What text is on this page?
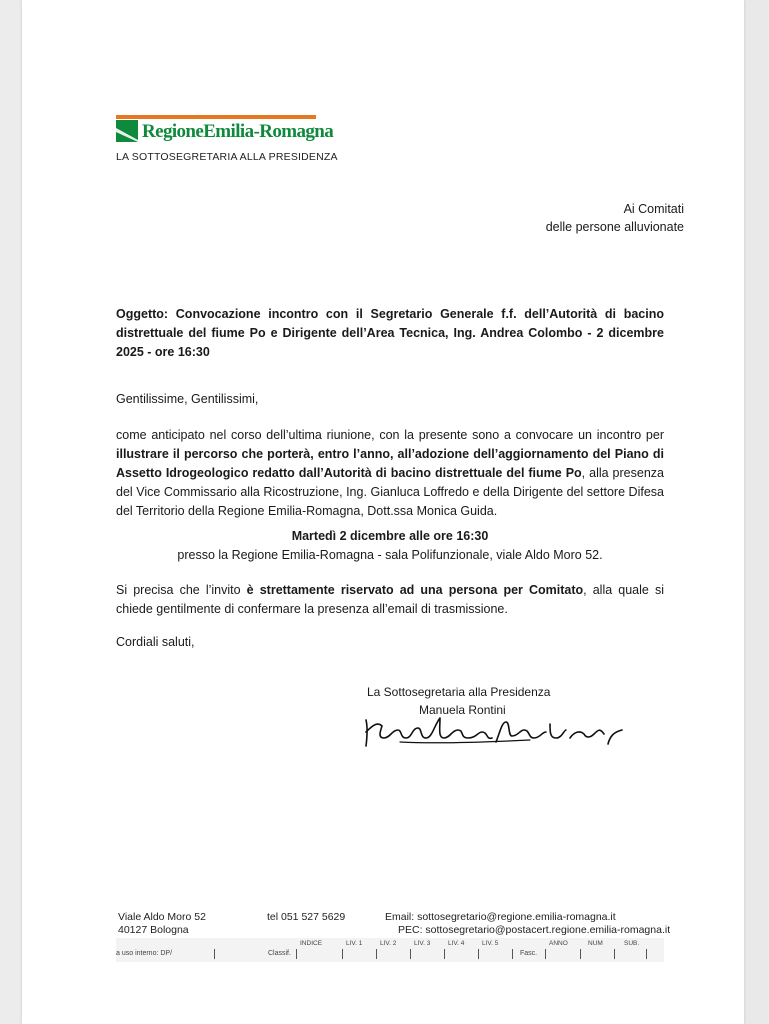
RegioneEmilia-Romagna
LA SOTTOSEGRETARIA ALLA PRESIDENZA
Ai Comitati
delle persone alluvionate
Oggetto: Convocazione incontro con il Segretario Generale f.f. dell’Autorità di bacino distrettuale del fiume Po e Dirigente dell’Area Tecnica, Ing. Andrea Colombo - 2 dicembre 2025 - ore 16:30
Gentilissime, Gentilissimi,
come anticipato nel corso dell’ultima riunione, con la presente sono a convocare un incontro per illustrare il percorso che porterà, entro l’anno, all’adozione dell’aggiornamento del Piano di Assetto Idrogeologico redatto dall’Autorità di bacino distrettuale del fiume Po, alla presenza del Vice Commissario alla Ricostruzione, Ing. Gianluca Loffredo e della Dirigente del settore Difesa del Territorio della Regione Emilia-Romagna, Dott.ssa Monica Guida.
Martedì 2 dicembre alle ore 16:30
presso la Regione Emilia-Romagna - sala Polifunzionale, viale Aldo Moro 52.
Si precisa che l’invito è strettamente riservato ad una persona per Comitato, alla quale si chiede gentilmente di confermare la presenza all’email di trasmissione.
Cordiali saluti,
La Sottosegretaria alla Presidenza
Manuela Rontini
Viale Aldo Moro 52
40127 Bologna
tel 051 527 5629	Email: sottosegretario@regione.emilia-romagna.it
PEC: sottosegretario@postacert.regione.emilia-romagna.it
INDICE	LIV. 1	LIV. 2	LIV. 3	LIV. 4	LIV. 5	ANNO	NUM	SUB.
a uso interno: DP/	Classif.	Fasc.
